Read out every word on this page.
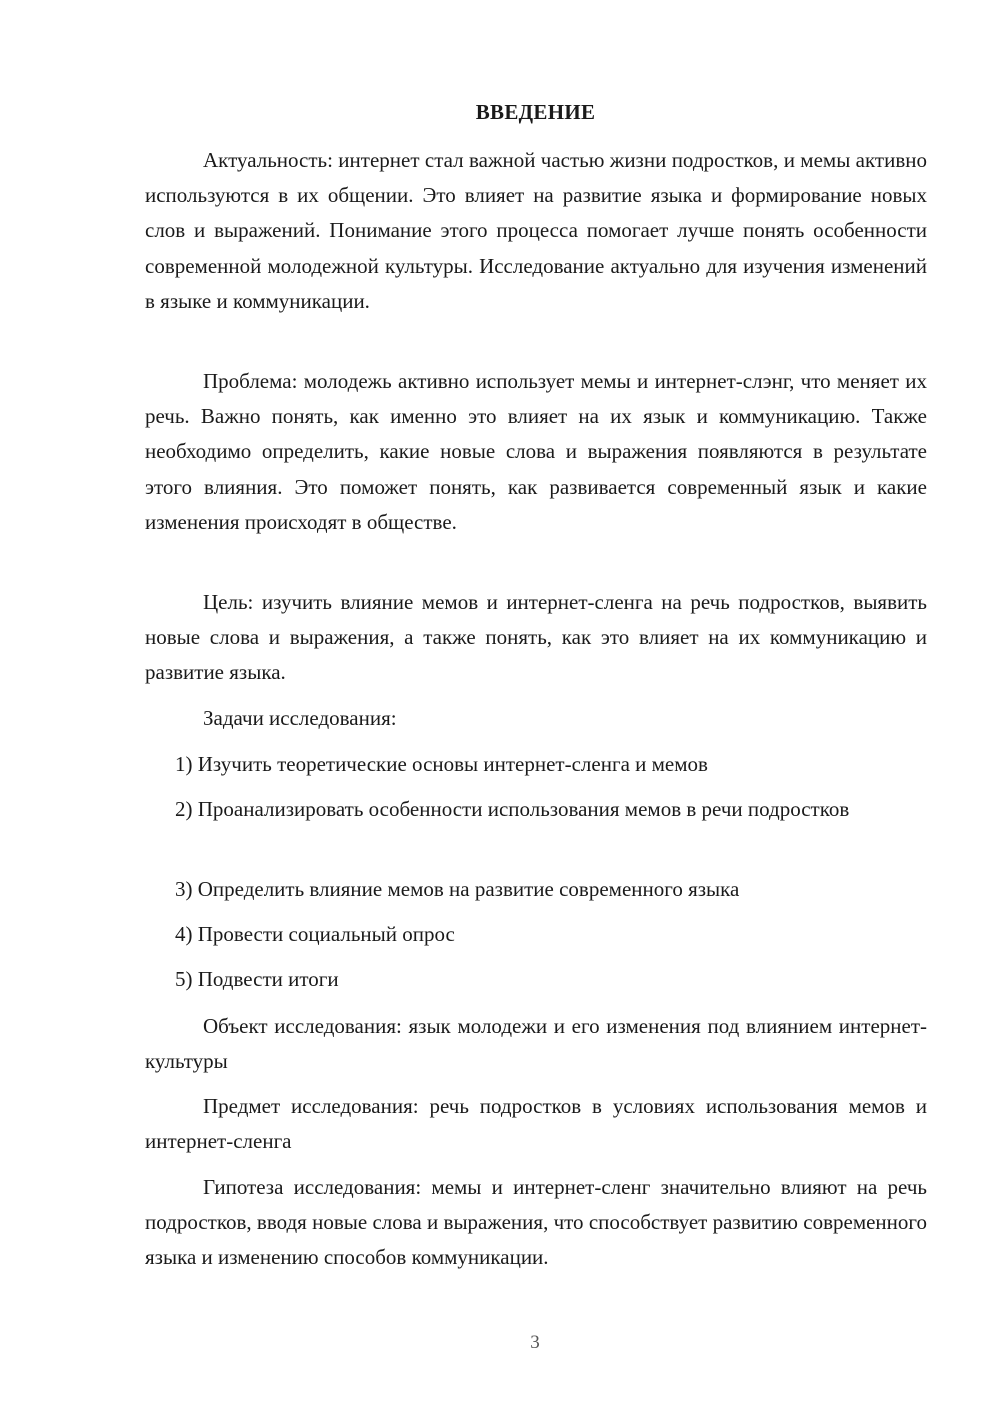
ВВЕДЕНИЕ

Актуальность: интернет стал важной частью жизни подростков, и мемы активно используются в их общении. Это влияет на развитие языка и формирование новых слов и выражений. Понимание этого процесса помогает лучше понять особенности современной молодежной культуры. Исследование актуально для изучения изменений в языке и коммуникации.

Проблема: молодежь активно использует мемы и интернет-слэнг, что меняет их речь. Важно понять, как именно это влияет на их язык и коммуникацию. Также необходимо определить, какие новые слова и выражения появляются в результате этого влияния. Это поможет понять, как развивается современный язык и какие изменения происходят в обществе.

Цель: изучить влияние мемов и интернет-сленга на речь подростков, выявить новые слова и выражения, а также понять, как это влияет на их коммуникацию и развитие языка.

Задачи исследования:

1) Изучить теоретические основы интернет-сленга и мемов

2) Проанализировать особенности использования мемов в речи подростков

3) Определить влияние мемов на развитие современного языка

4) Провести социальный опрос

5) Подвести итоги

Объект исследования: язык молодежи и его изменения под влиянием интернет-культуры

Предмет исследования: речь подростков в условиях использования мемов и интернет-сленга

Гипотеза исследования: мемы и интернет-сленг значительно влияют на речь подростков, вводя новые слова и выражения, что способствует развитию современного языка и изменению способов коммуникации.

3
